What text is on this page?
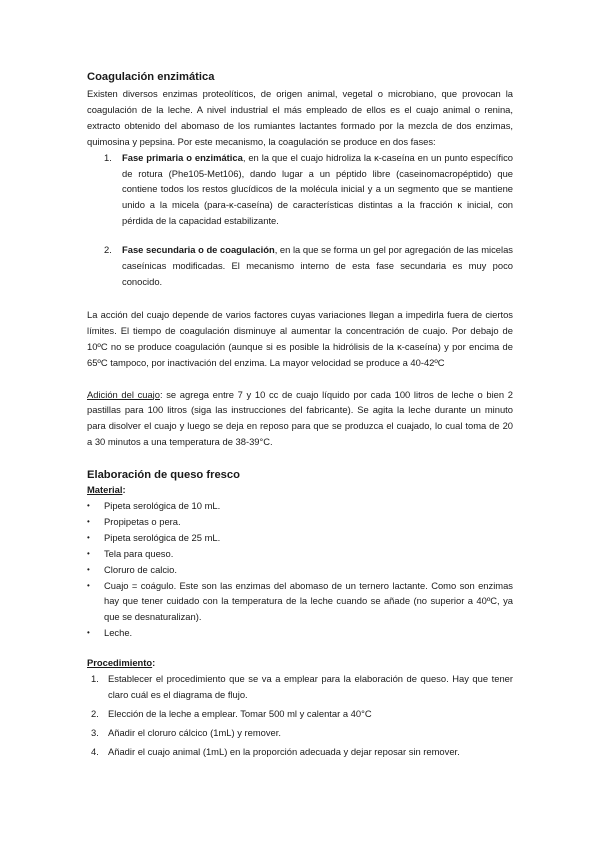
Coagulación enzimática

Existen diversos enzimas proteolíticos, de origen animal, vegetal o microbiano, que provocan la coagulación de la leche. A nivel industrial el más empleado de ellos es el cuajo animal o renina, extracto obtenido del abomaso de los rumiantes lactantes formado por la mezcla de dos enzimas, quimosina y pepsina. Por este mecanismo, la coagulación se produce en dos fases:

1. Fase primaria o enzimática, en la que el cuajo hidroliza la κ-caseína en un punto específico de rotura (Phe105-Met106), dando lugar a un péptido libre (caseinomacropéptido) que contiene todos los restos glucídicos de la molécula inicial y a un segmento que se mantiene unido a la micela (para-κ-caseína) de características distintas a la fracción κ inicial, con pérdida de la capacidad estabilizante.
2. Fase secundaria o de coagulación, en la que se forma un gel por agregación de las micelas caseínicas modificadas. El mecanismo interno de esta fase secundaria es muy poco conocido.

La acción del cuajo depende de varios factores cuyas variaciones llegan a impedirla fuera de ciertos límites. El tiempo de coagulación disminuye al aumentar la concentración de cuajo. Por debajo de 10ºC no se produce coagulación (aunque si es posible la hidrólisis de la κ-caseína) y por encima de 65ºC tampoco, por inactivación del enzima. La mayor velocidad se produce a 40-42ºC

Adición del cuajo: se agrega entre 7 y 10 cc de cuajo líquido por cada 100 litros de leche o bien 2 pastillas para 100 litros (siga las instrucciones del fabricante). Se agita la leche durante un minuto para disolver el cuajo y luego se deja en reposo para que se produzca el cuajado, lo cual toma de 20 a 30 minutos a una temperatura de 38-39°C.

Elaboración de queso fresco

Material:

• Pipeta serológica de 10 mL.
• Propipetas o pera.
• Pipeta serológica de 25 mL.
• Tela para queso.
• Cloruro de calcio.
• Cuajo = coágulo. Este son las enzimas del abomaso de un ternero lactante. Como son enzimas hay que tener cuidado con la temperatura de la leche cuando se añade (no superior a 40ºC, ya que se desnaturalizan).
• Leche.

Procedimiento:

1. Establecer el procedimiento que se va a emplear para la elaboración de queso. Hay que tener claro cuál es el diagrama de flujo.
2. Elección de la leche a emplear. Tomar 500 ml y calentar a 40°C
3. Añadir el cloruro cálcico (1mL) y remover.
4. Añadir el cuajo animal (1mL) en la proporción adecuada y dejar reposar sin remover.
